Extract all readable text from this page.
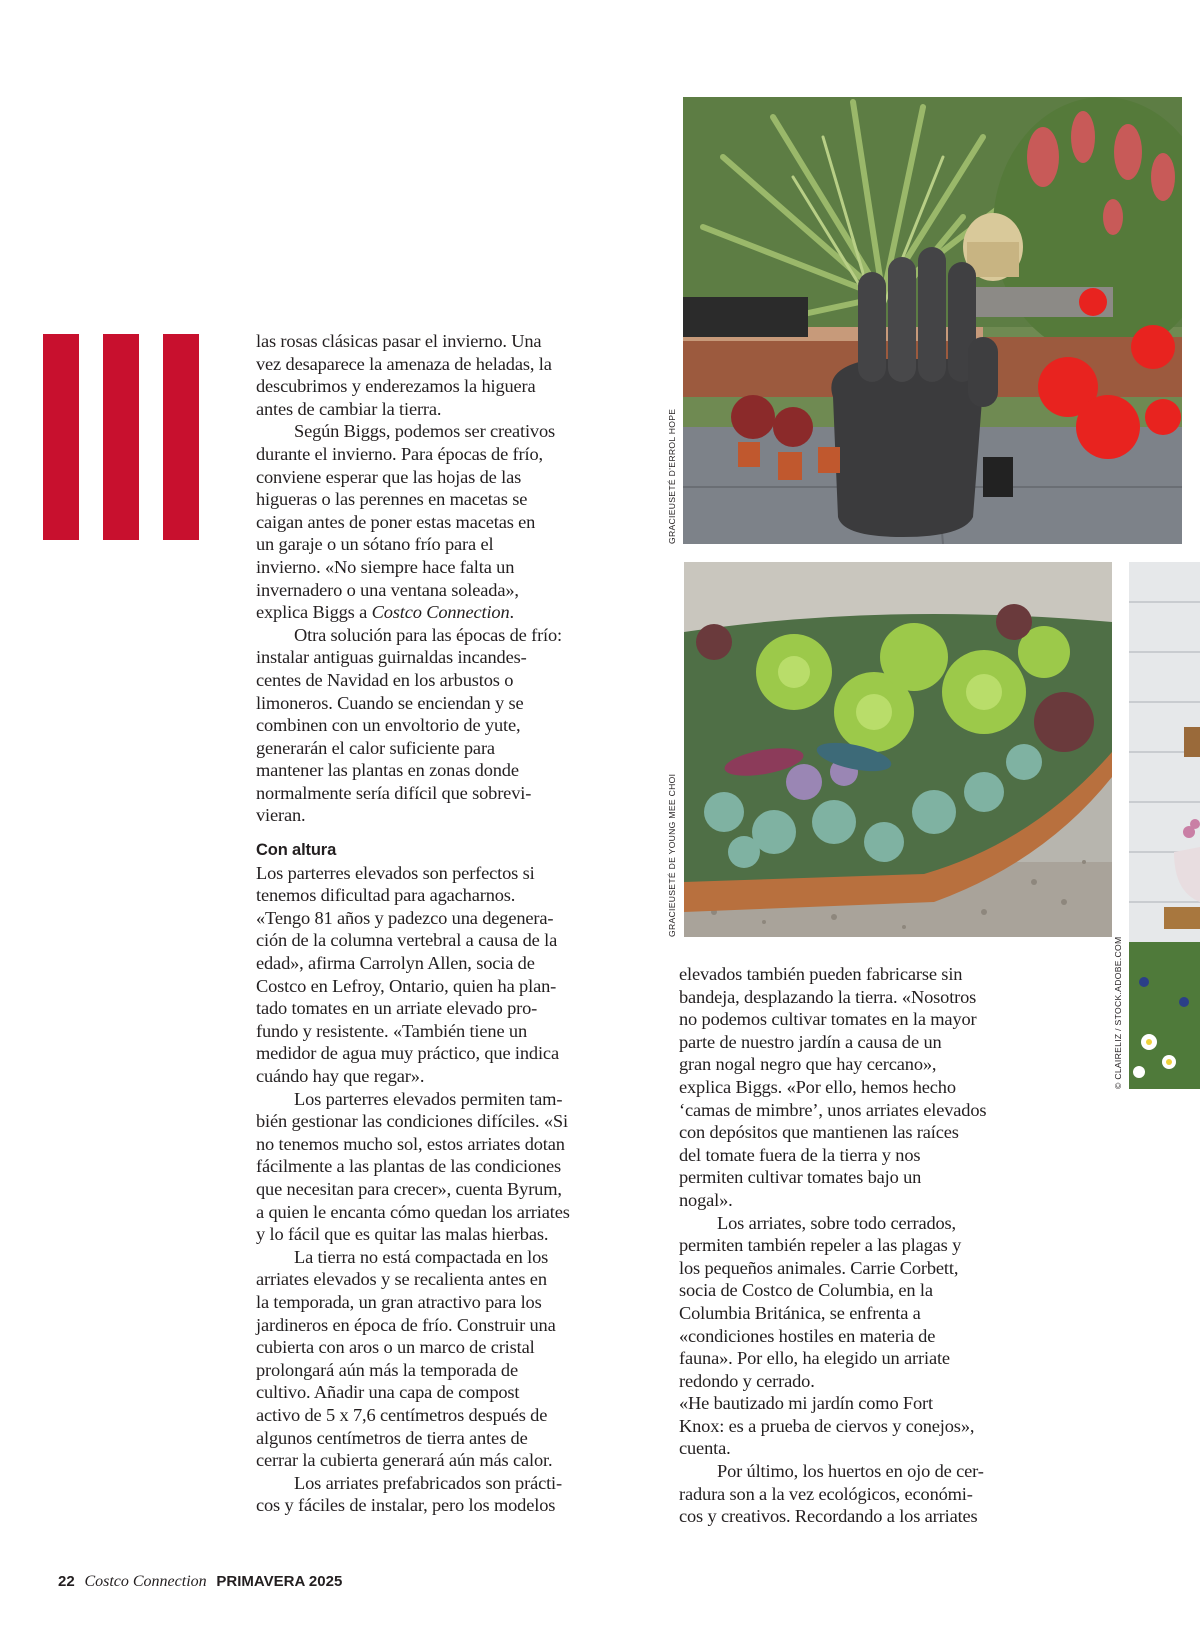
las rosas clásicas pasar el invierno. Una
vez desaparece la amenaza de heladas, la
descubrimos y enderezamos la higuera
antes de cambiar la tierra.
Según Biggs, podemos ser creativos
durante el invierno. Para épocas de frío,
conviene esperar que las hojas de las
higueras o las perennes en macetas se
caigan antes de poner estas macetas en
un garaje o un sótano frío para el
invierno. «No siempre hace falta un
invernadero o una ventana soleada»,
explica Biggs a Costco Connection.
Otra solución para las épocas de frío:
instalar antiguas guirnaldas incandes-
centes de Navidad en los arbustos o
limoneros. Cuando se enciendan y se
combinen con un envoltorio de yute,
generarán el calor suficiente para
mantener las plantas en zonas donde
normalmente sería difícil que sobrevi-
vieran.
Con altura
Los parterres elevados son perfectos si
tenemos dificultad para agacharnos.
«Tengo 81 años y padezco una degenera-
ción de la columna vertebral a causa de la
edad», afirma Carrolyn Allen, socia de
Costco en Lefroy, Ontario, quien ha plan-
tado tomates en un arriate elevado pro-
fundo y resistente. «También tiene un
medidor de agua muy práctico, que indica
cuándo hay que regar».
Los parterres elevados permiten tam-
bién gestionar las condiciones difíciles. «Si
no tenemos mucho sol, estos arriates dotan
fácilmente a las plantas de las condiciones
que necesitan para crecer», cuenta Byrum,
a quien le encanta cómo quedan los arriates
y lo fácil que es quitar las malas hierbas.
La tierra no está compactada en los
arriates elevados y se recalienta antes en
la temporada, un gran atractivo para los
jardineros en época de frío. Construir una
cubierta con aros o un marco de cristal
prolongará aún más la temporada de
cultivo. Añadir una capa de compost
activo de 5 x 7,6 centímetros después de
algunos centímetros de tierra antes de
cerrar la cubierta generará aún más calor.
Los arriates prefabricados son prácti-
cos y fáciles de instalar, pero los modelos
elevados también pueden fabricarse sin
bandeja, desplazando la tierra. «Nosotros
no podemos cultivar tomates en la mayor
parte de nuestro jardín a causa de un
gran nogal negro que hay cercano»,
explica Biggs. «Por ello, hemos hecho
‘camas de mimbre’, unos arriates elevados
con depósitos que mantienen las raíces
del tomate fuera de la tierra y nos
permiten cultivar tomates bajo un
nogal».
Los arriates, sobre todo cerrados,
permiten también repeler a las plagas y
los pequeños animales. Carrie Corbett,
socia de Costco de Columbia, en la
Columbia Británica, se enfrenta a
«condiciones hostiles en materia de
fauna». Por ello, ha elegido un arriate
redondo y cerrado.
«He bautizado mi jardín como Fort
Knox: es a prueba de ciervos y conejos»,
cuenta.
Por último, los huertos en ojo de cer-
radura son a la vez ecológicos, económi-
cos y creativos. Recordando a los arriates
GRACIEUSETÉ D’ERROL HOPE
GRACIEUSETÉ DE YOUNG MEE CHOI
© CLAIRELIZ / STOCK.ADOBE.COM
22 Costco Connection PRIMAVERA 2025
